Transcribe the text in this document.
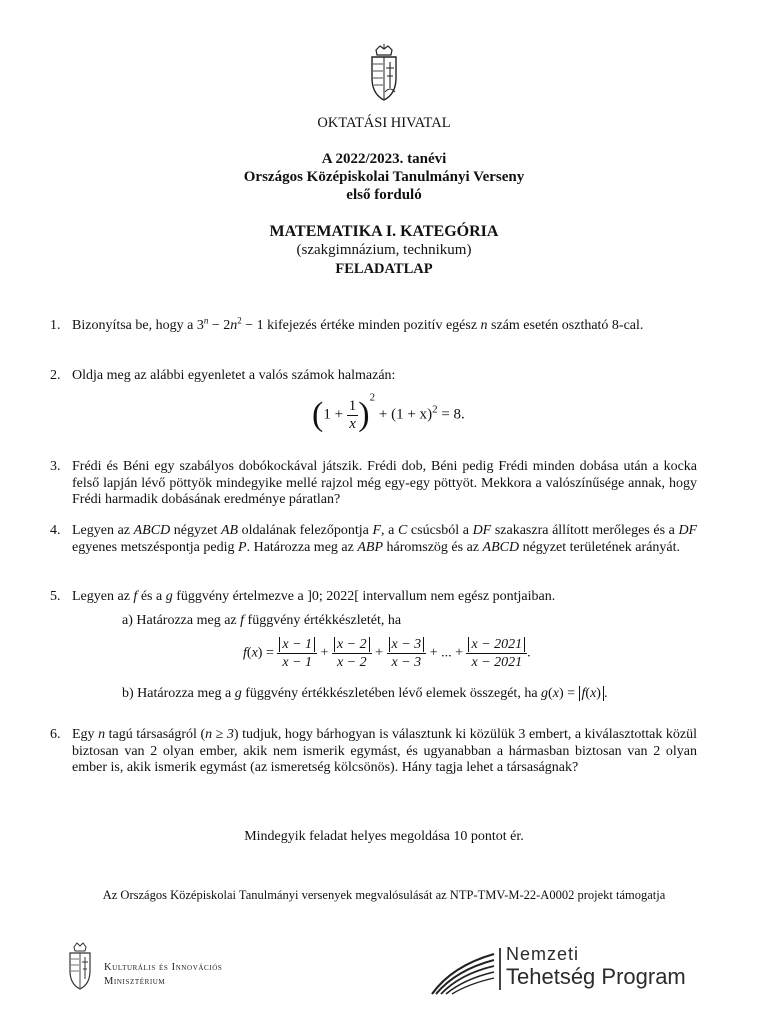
OKTATÁSI HIVATAL
A 2022/2023. tanévi
Országos Középiskolai Tanulmányi Verseny
első forduló
MATEMATIKA I. KATEGÓRIA
(szakgimnázium, technikum)
FELADATLAP
1. Bizonyítsa be, hogy a $3^n - 2n^2 - 1$ kifejezés értéke minden pozitív egész n szám esetén osztható 8-cal.
2. Oldja meg az alábbi egyenletet a valós számok halmazán:
$(1 + \frac{1}{x} )^2 + (1 + x)^2 = 8$.
3. Frédi és Béni egy szabályos dobókockával játszik. Frédi dob, Béni pedig Frédi minden dobása után a kocka felső lapján lévő pöttyök mindegyike mellé rajzol még egy-egy pöttyöt. Mekkora a valószínűsége annak, hogy Frédi harmadik dobásának eredménye páratlan?
4. Legyen az ABCD négyzet AB oldalának felezőpontja F, a C csúcsból a DF szakaszra állított merőleges és a DF egyenes metszéspontja pedig P. Határozza meg az ABP háromszög és az ABCD négyzet területének arányát.
5. Legyen az f és a g függvény értelmezve a ]0; 2022[ intervallum nem egész pontjaiban.
a) Határozza meg az f függvény értékkészletét, ha
$f(x) = \frac{x - 1}{x - 1} + \frac{x - 2}{x - 2} + \frac{x - 3}{x - 3}$ + ... + $\frac{x - 2021}{x - 2021}$ .
b) Határozza meg a g függvény értékkészletében lévő elemek összegét, ha g(x) = f(x) .
6. Egy n tagú társaságról (n ≥ 3) tudjuk, hogy bárhogyan is választunk ki közülük 3 embert, a kiválasztottak közül biztosan van 2 olyan ember, akik nem ismerik egymást, és ugyanabban a hármasban biztosan van 2 olyan ember is, akik ismerik egymást (az ismeretség kölcsönös). Hány tagja lehet a társaságnak?
Mindegyik feladat helyes megoldása 10 pontot ér.
Az Országos Középiskolai Tanulmányi versenyek megvalósulását az NTP-TMV-M-22-A0002 projekt támogatja
Kulturális és Innovációs
Minisztérium
Nemzeti
Tehetség Program
